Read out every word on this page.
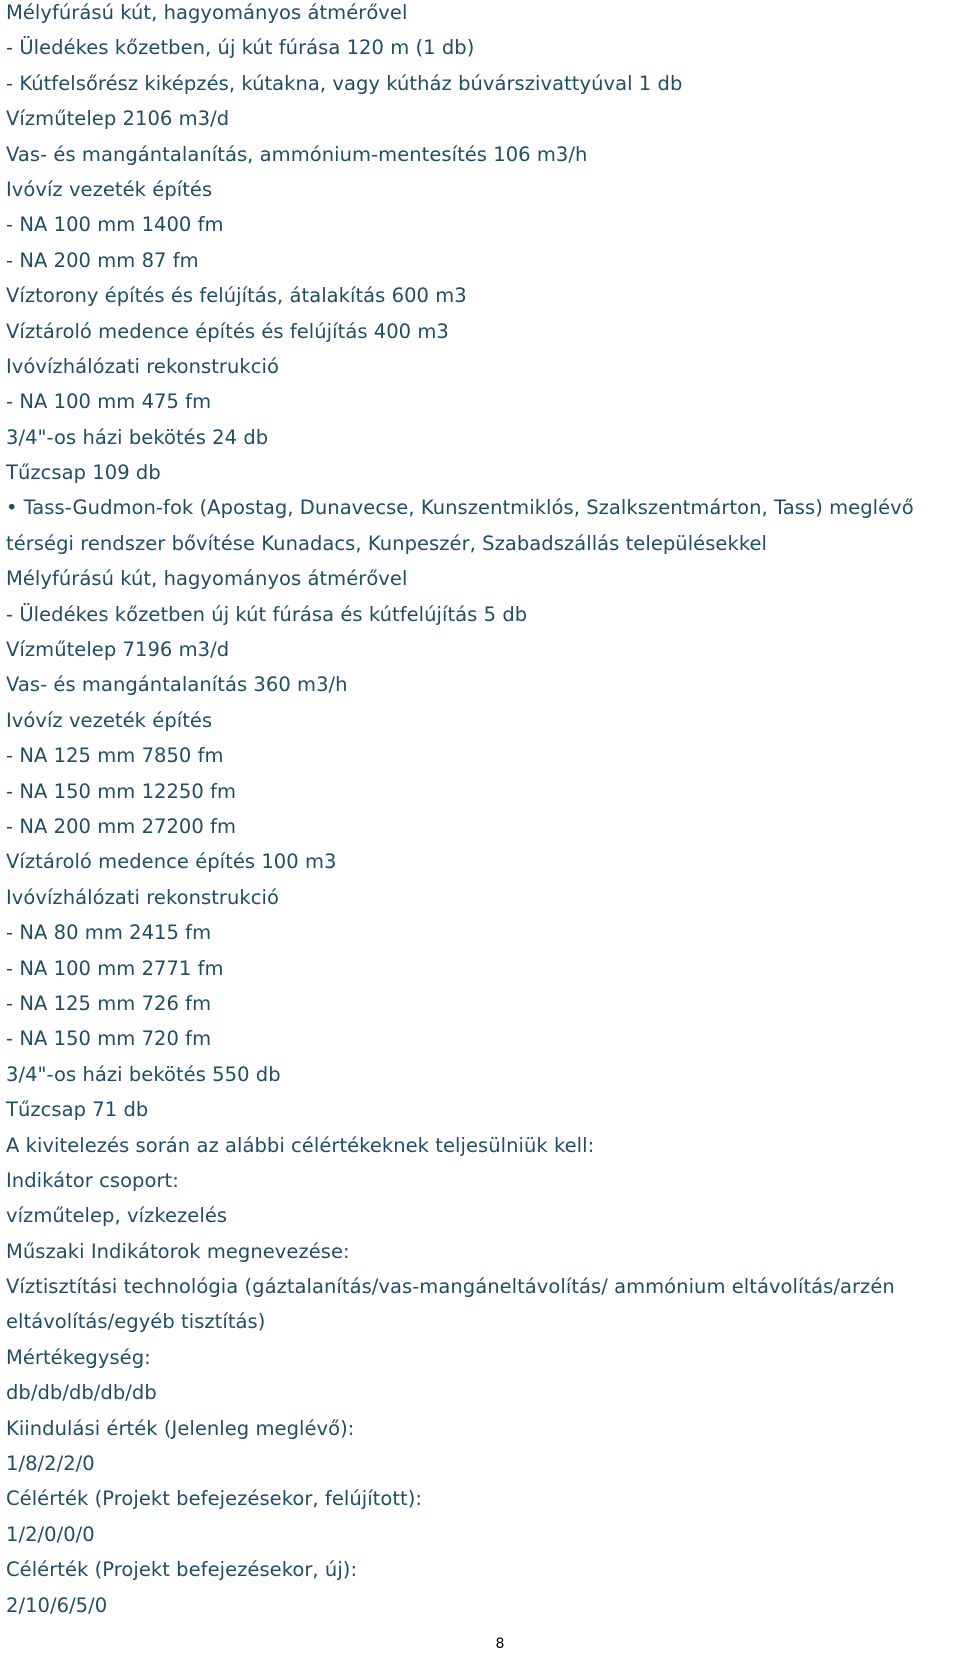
Mélyfúrású kút, hagyományos átmérővel
- Üledékes kőzetben, új kút fúrása 120 m (1 db)
- Kútfelsőrész kiképzés, kútakna, vagy kútház búvárszivattyúval 1 db
Vízműtelep 2106 m3/d
Vas- és mangántalanítás, ammónium-mentesítés 106 m3/h
Ivóvíz vezeték építés
- NA 100 mm 1400 fm
- NA 200 mm 87 fm
Víztorony építés és felújítás, átalakítás 600 m3
Víztároló medence építés és felújítás 400 m3
Ivóvízhálózati rekonstrukció
- NA 100 mm 475 fm
3/4"-os házi bekötés 24 db
Tűzcsap 109 db
• Tass-Gudmon-fok (Apostag, Dunavecse, Kunszentmiklós, Szalkszentmárton, Tass) meglévő
térségi rendszer bővítése Kunadacs, Kunpeszér, Szabadszállás településekkel
Mélyfúrású kút, hagyományos átmérővel
- Üledékes kőzetben új kút fúrása és kútfelújítás 5 db
Vízműtelep 7196 m3/d
Vas- és mangántalanítás 360 m3/h
Ivóvíz vezeték építés
- NA 125 mm 7850 fm
- NA 150 mm 12250 fm
- NA 200 mm 27200 fm
Víztároló medence építés 100 m3
Ivóvízhálózati rekonstrukció
- NA 80 mm 2415 fm
- NA 100 mm 2771 fm
- NA 125 mm 726 fm
- NA 150 mm 720 fm
3/4"-os házi bekötés 550 db
Tűzcsap 71 db
A kivitelezés során az alábbi célértékeknek teljesülniük kell:
Indikátor csoport:
vízműtelep, vízkezelés
Műszaki Indikátorok megnevezése:
Víztisztítási technológia (gáztalanítás/vas-mangáneltávolítás/ ammónium eltávolítás/arzén
eltávolítás/egyéb tisztítás)
Mértékegység:
db/db/db/db/db
Kiindulási érték (Jelenleg meglévő):
1/8/2/2/0
Célérték (Projekt befejezésekor, felújított):
1/2/0/0/0
Célérték (Projekt befejezésekor, új):
2/10/6/5/0
8
